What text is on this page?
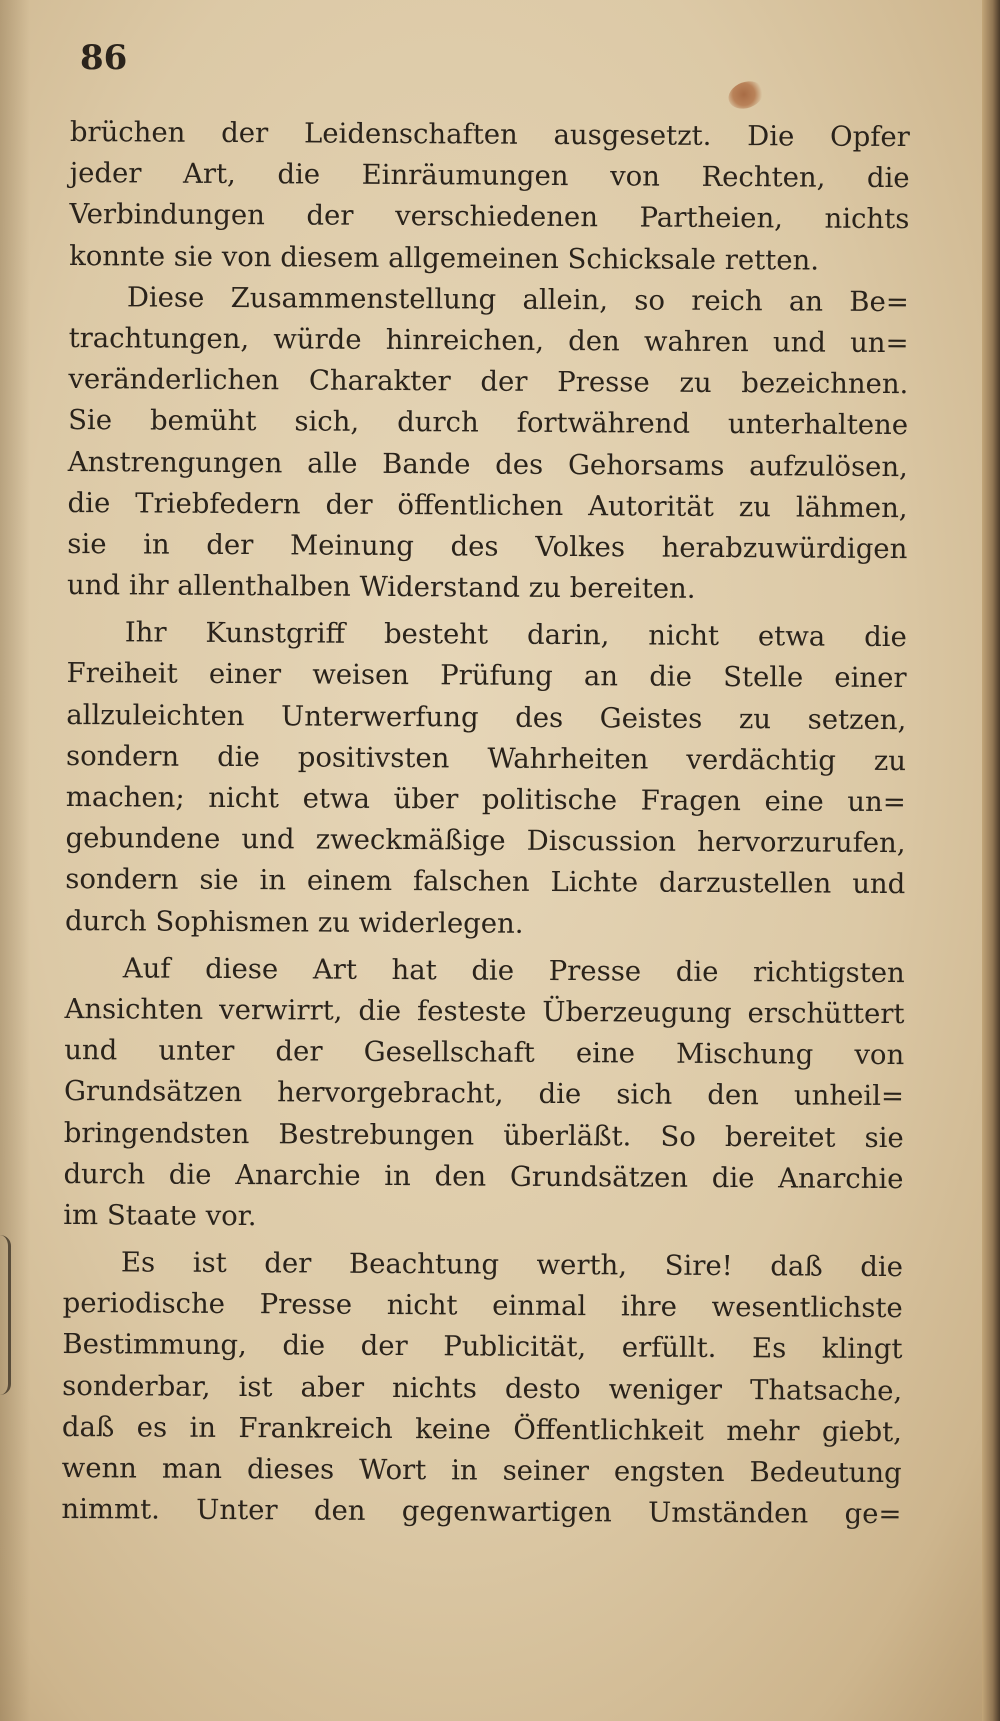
86
brüchen der Leidenschaften ausgesetzt. Die Opfer
jeder Art, die Einräumungen von Rechten, die
Verbindungen der verschiedenen Partheien, nichts
konnte sie von diesem allgemeinen Schicksale retten.
Diese Zusammenstellung allein, so reich an Be=
trachtungen, würde hinreichen, den wahren und un=
veränderlichen Charakter der Presse zu bezeichnen.
Sie bemüht sich, durch fortwährend unterhaltene
Anstrengungen alle Bande des Gehorsams aufzulösen,
die Triebfedern der öffentlichen Autorität zu lähmen,
sie in der Meinung des Volkes herabzuwürdigen
und ihr allenthalben Widerstand zu bereiten.
Ihr Kunstgriff besteht darin, nicht etwa die
Freiheit einer weisen Prüfung an die Stelle einer
allzuleichten Unterwerfung des Geistes zu setzen,
sondern die positivsten Wahrheiten verdächtig zu
machen; nicht etwa über politische Fragen eine un=
gebundene und zweckmäßige Discussion hervorzurufen,
sondern sie in einem falschen Lichte darzustellen und
durch Sophismen zu widerlegen.
Auf diese Art hat die Presse die richtigsten
Ansichten verwirrt, die festeste Überzeugung erschüttert
und unter der Gesellschaft eine Mischung von
Grundsätzen hervorgebracht, die sich den unheil=
bringendsten Bestrebungen überläßt. So bereitet sie
durch die Anarchie in den Grundsätzen die Anarchie
im Staate vor.
Es ist der Beachtung werth, Sire! daß die
periodische Presse nicht einmal ihre wesentlichste
Bestimmung, die der Publicität, erfüllt. Es klingt
sonderbar, ist aber nichts desto weniger Thatsache,
daß es in Frankreich keine Öffentlichkeit mehr giebt,
wenn man dieses Wort in seiner engsten Bedeutung
nimmt. Unter den gegenwartigen Umständen ge=
